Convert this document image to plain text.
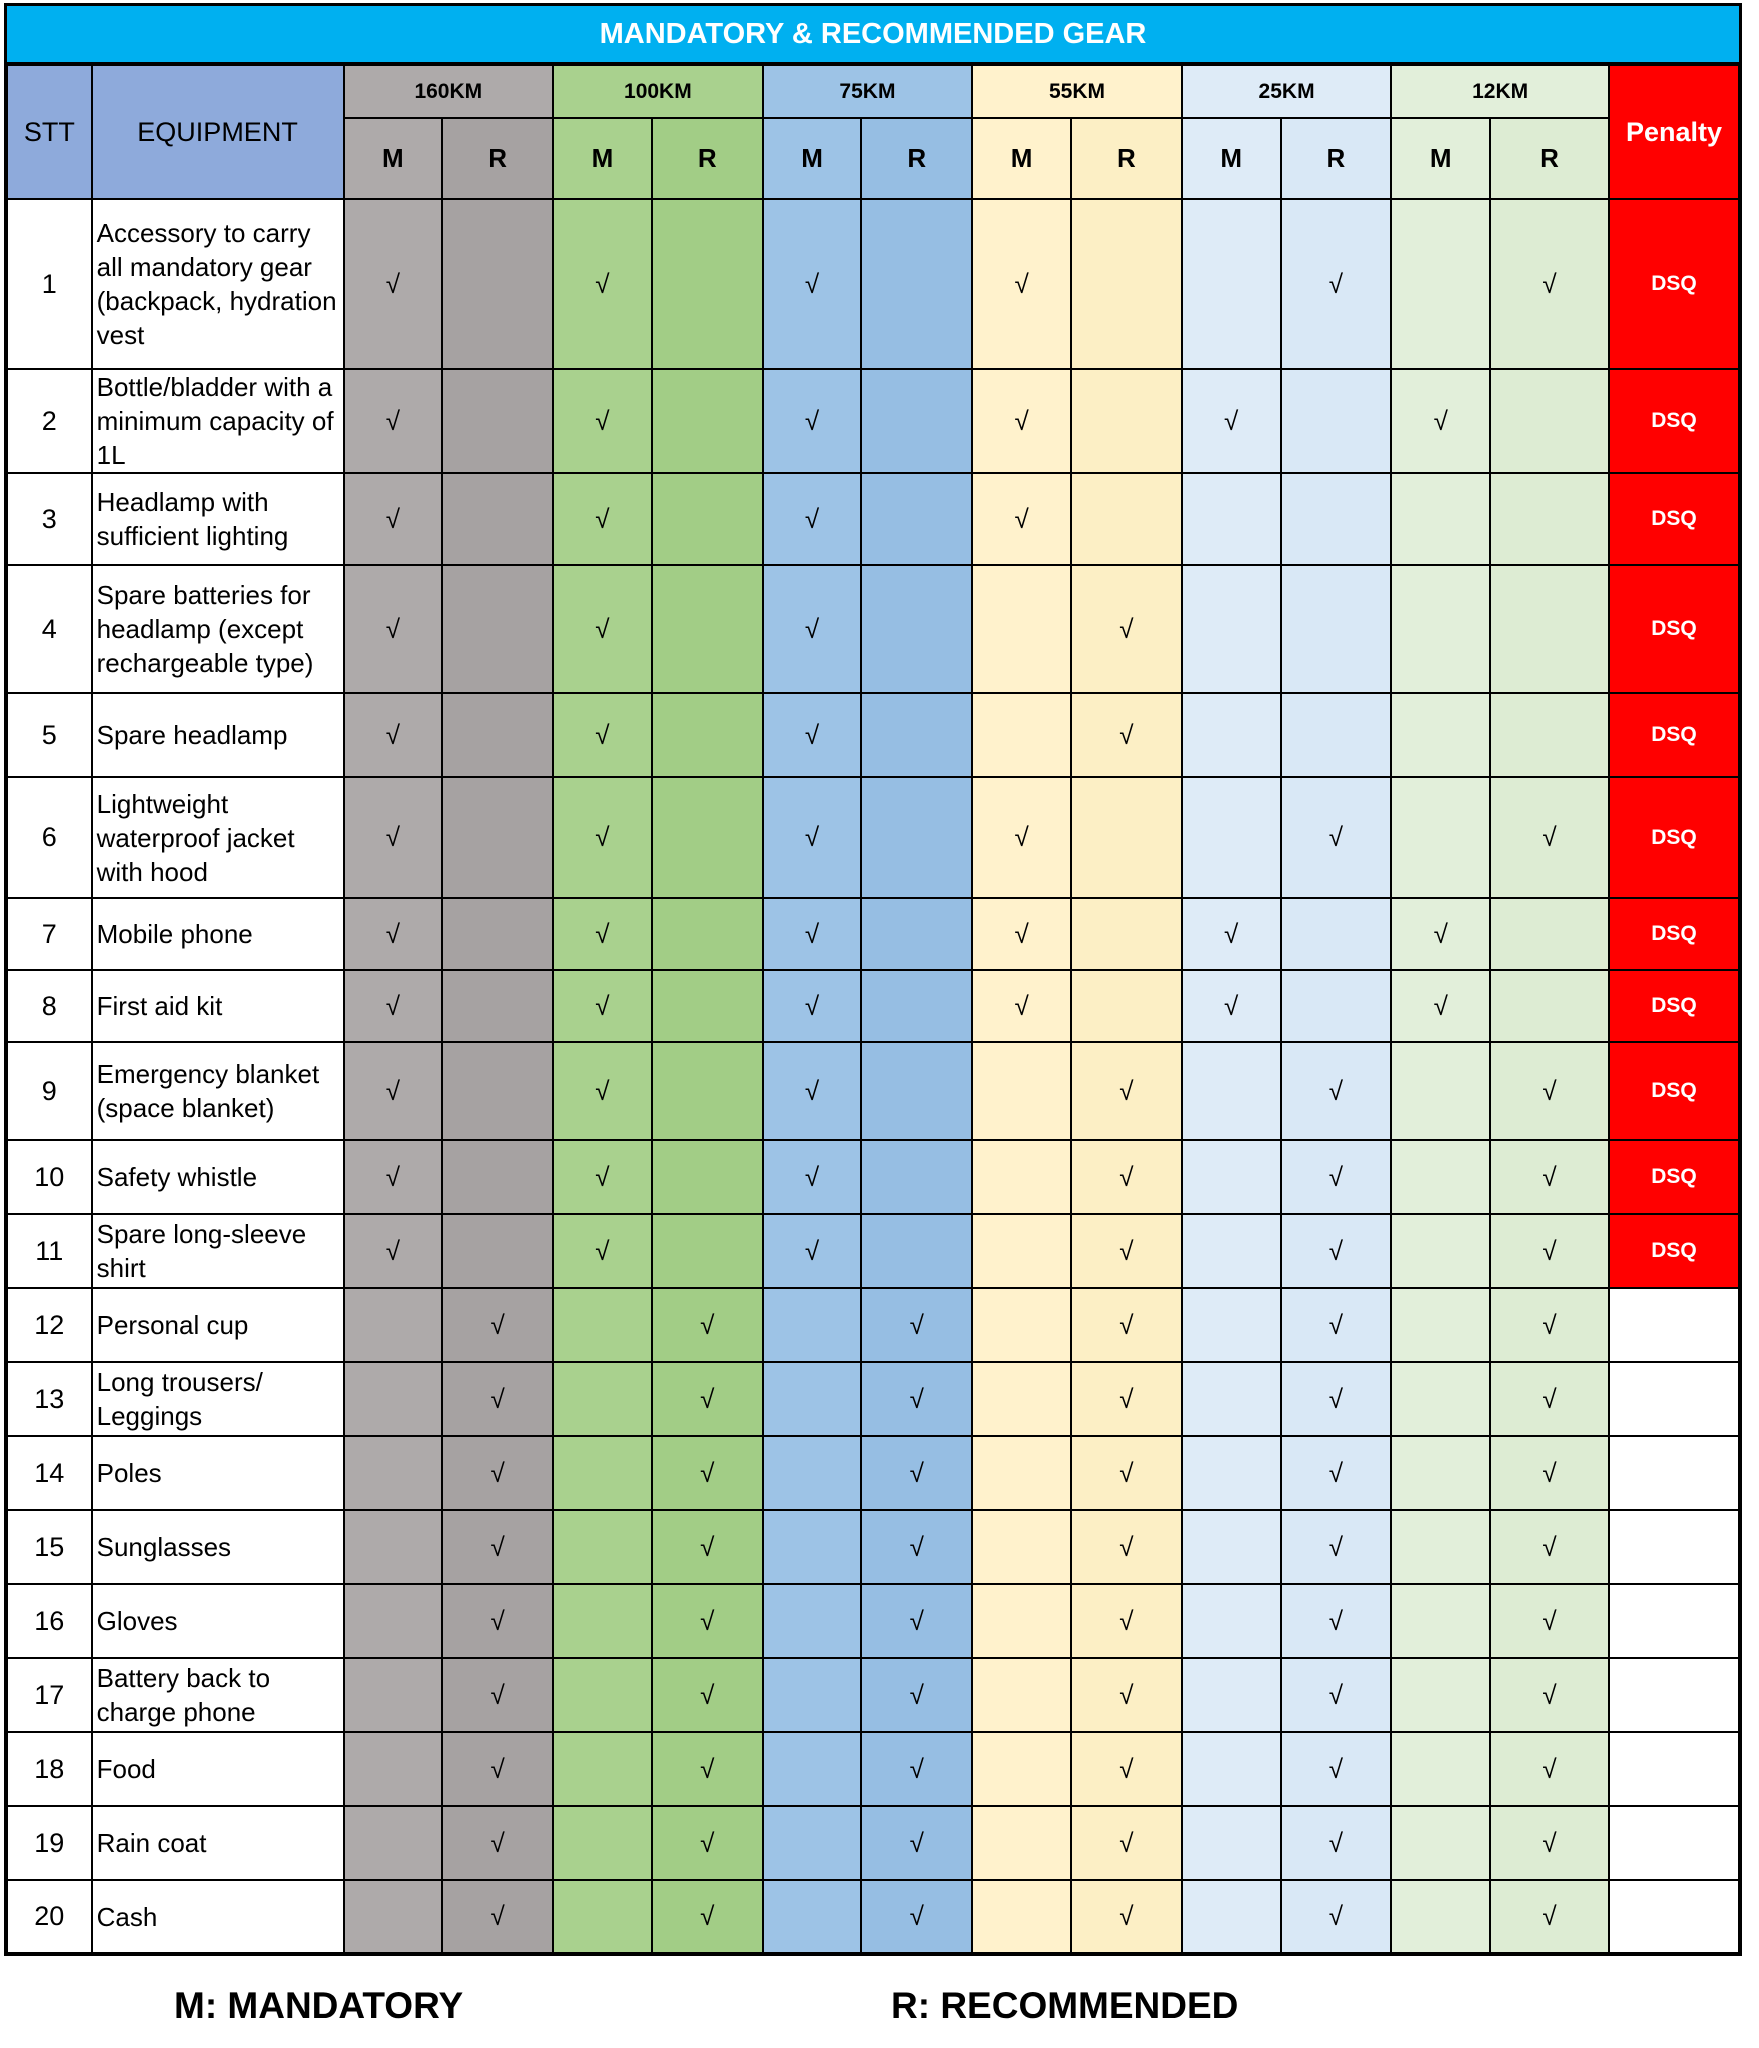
MANDATORY & RECOMMENDED GEAR
STT	EQUIPMENT	160KM		100KM		75KM		55KM		25KM		12KM		Penalty
		M	R	M	R	M	R	M	R	M	R	M	R	
1	Accessory to carry all mandatory gear (backpack, hydration vest	√		√		√		√			√		√	DSQ
2	Bottle/bladder with a minimum capacity of 1L	√		√		√		√		√		√		DSQ
3	Headlamp with sufficient lighting	√		√		√		√						DSQ
4	Spare batteries for headlamp (except rechargeable type)	√		√		√			√					DSQ
5	Spare headlamp	√		√		√			√					DSQ
6	Lightweight waterproof jacket with hood	√		√		√		√			√		√	DSQ
7	Mobile phone	√		√		√		√		√		√		DSQ
8	First aid kit	√		√		√		√		√		√		DSQ
9	Emergency blanket (space blanket)	√		√		√			√		√		√	DSQ
10	Safety whistle	√		√		√			√		√		√	DSQ
11	Spare long-sleeve shirt	√		√		√			√		√		√	DSQ
12	Personal cup		√		√		√		√		√		√	
13	Long trousers/ Leggings		√		√		√		√		√		√	
14	Poles		√		√		√		√		√		√	
15	Sunglasses		√		√		√		√		√		√	
16	Gloves		√		√		√		√		√		√	
17	Battery back to charge phone		√		√		√		√		√		√	
18	Food		√		√		√		√		√		√	
19	Rain coat		√		√		√		√		√		√	
20	Cash		√		√		√		√		√		√	
M: MANDATORY	R: RECOMMENDED
